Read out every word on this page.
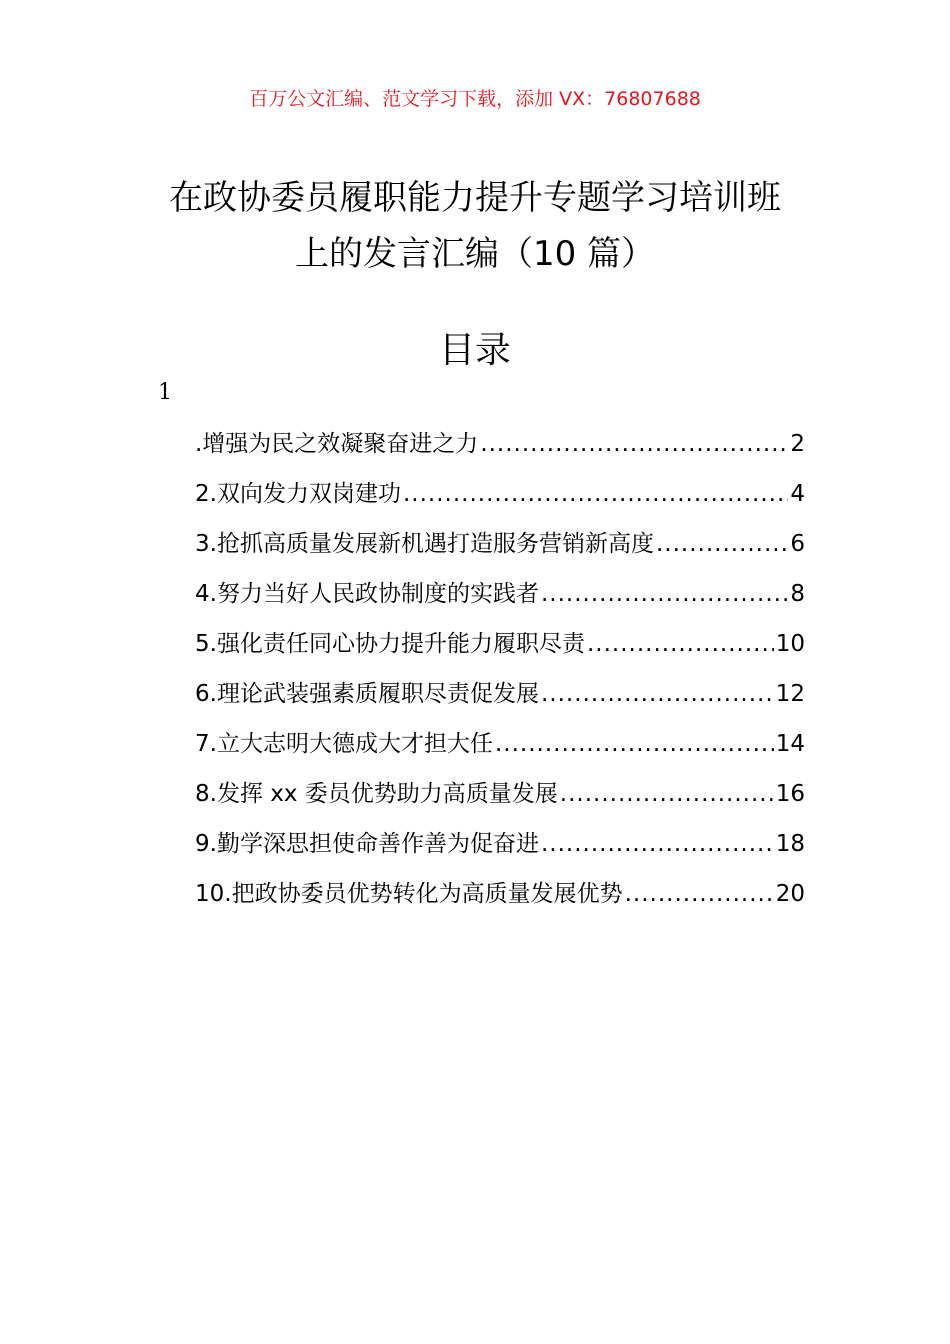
百万公文汇编、范文学习下载，添加 VX：76807688
在政协委员履职能力提升专题学习培训班
上的发言汇编（10 篇）
目录
1
.增强为民之效凝聚奋进之力 .....	2
2.双向发力双岗建功 .....	4
3.抢抓高质量发展新机遇打造服务营销新高度 .....	6
4.努力当好人民政协制度的实践者 .....	8
5.强化责任同心协力提升能力履职尽责 .....	10
6.理论武装强素质履职尽责促发展 .....	12
7.立大志明大德成大才担大任 .....	14
8.发挥 xx 委员优势助力高质量发展 .....	16
9.勤学深思担使命善作善为促奋进 .....	18
10.把政协委员优势转化为高质量发展优势 .....	20
